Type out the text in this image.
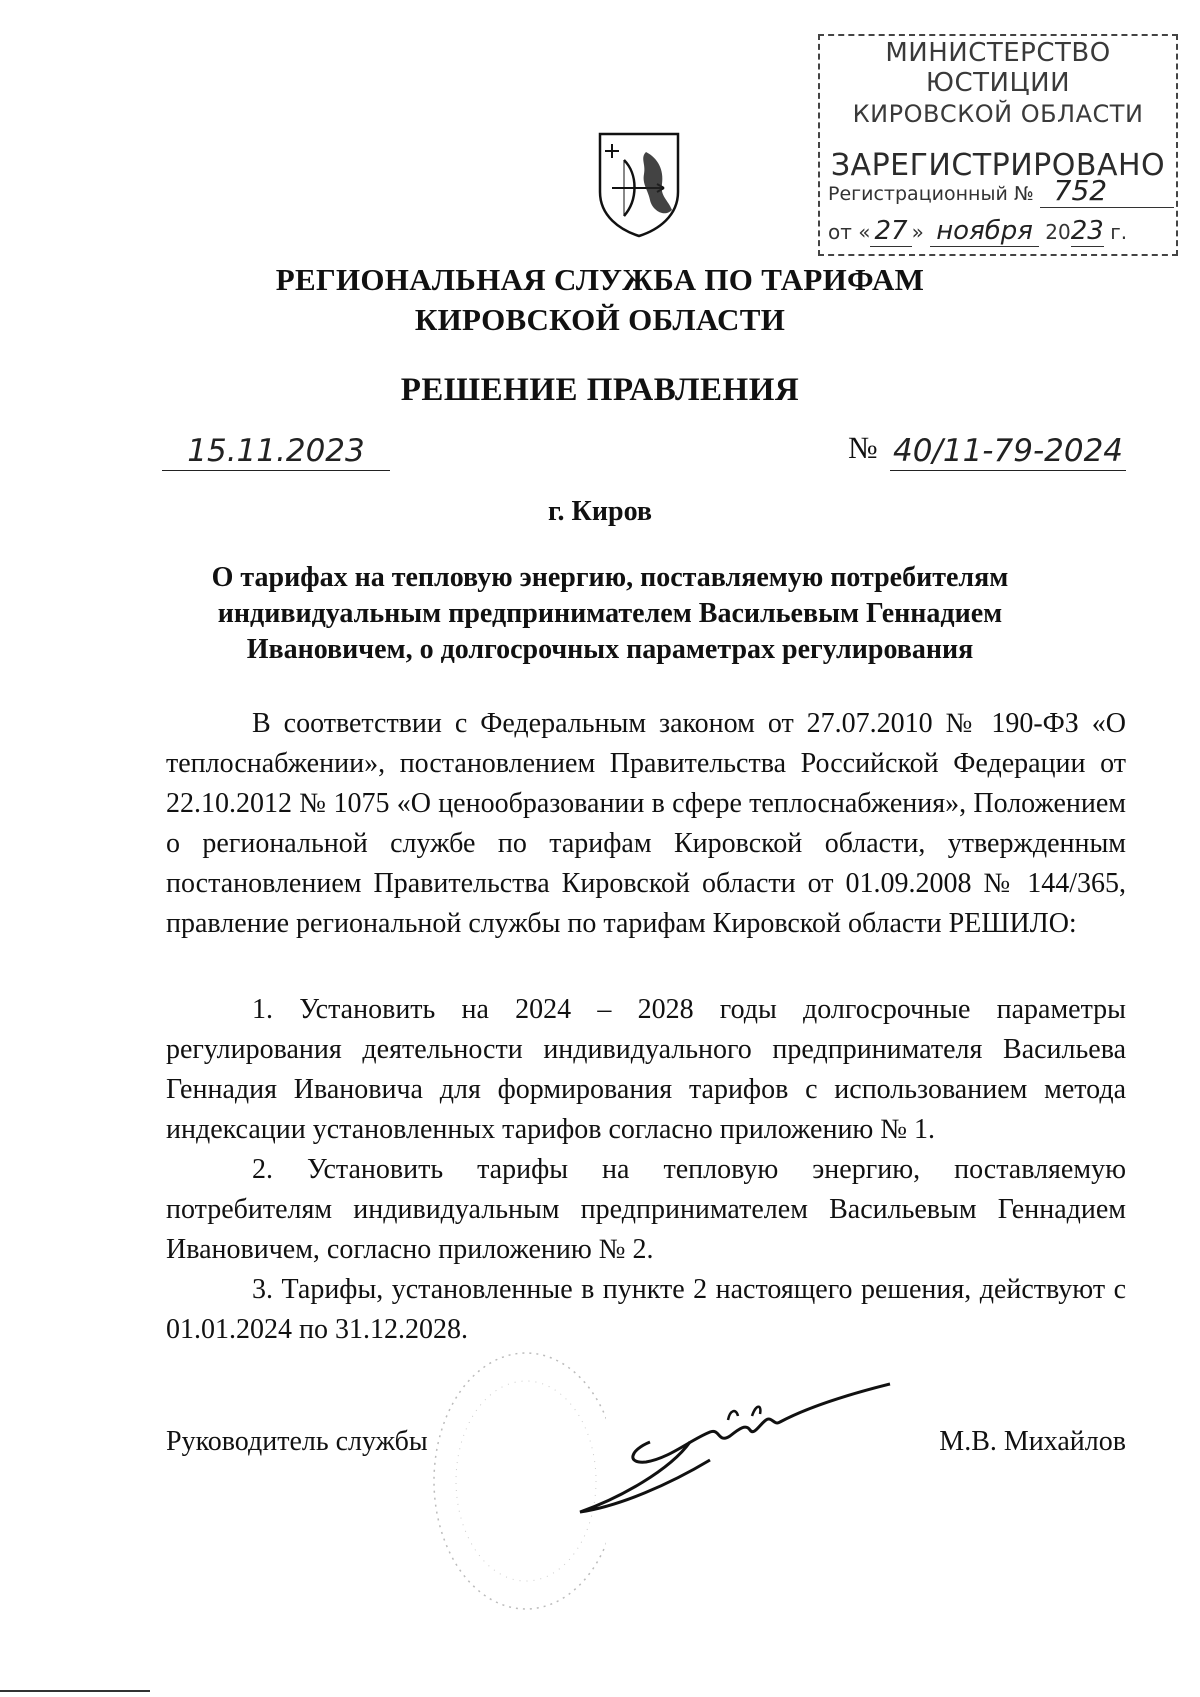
МИНИСТЕРСТВО ЮСТИЦИИ
КИРОВСКОЙ ОБЛАСТИ
ЗАРЕГИСТРИРОВАНО
Регистрационный № 752
от « 27 » ноября 2023 г.
РЕГИОНАЛЬНАЯ СЛУЖБА ПО ТАРИФАМ
КИРОВСКОЙ ОБЛАСТИ
РЕШЕНИЕ ПРАВЛЕНИЯ
15.11.2023	№ 40/11-79-2024
г. Киров
О тарифах на тепловую энергию, поставляемую потребителям индивидуальным предпринимателем Васильевым Геннадием Ивановичем, о долгосрочных параметрах регулирования

В соответствии с Федеральным законом от 27.07.2010 № 190-ФЗ «О теплоснабжении», постановлением Правительства Российской Федерации от 22.10.2012 № 1075 «О ценообразовании в сфере теплоснабжения», Положением о региональной службе по тарифам Кировской области, утвержденным постановлением Правительства Кировской области от 01.09.2008 № 144/365, правление региональной службы по тарифам Кировской области РЕШИЛО:

1. Установить на 2024 – 2028 годы долгосрочные параметры регулирования деятельности индивидуального предпринимателя Васильева Геннадия Ивановича для формирования тарифов с использованием метода индексации установленных тарифов согласно приложению № 1.

2. Установить тарифы на тепловую энергию, поставляемую потребителям индивидуальным предпринимателем Васильевым Геннадием Ивановичем, согласно приложению № 2.

3. Тарифы, установленные в пункте 2 настоящего решения, действуют с 01.01.2024 по 31.12.2028.

Руководитель службы	М.В. Михайлов
